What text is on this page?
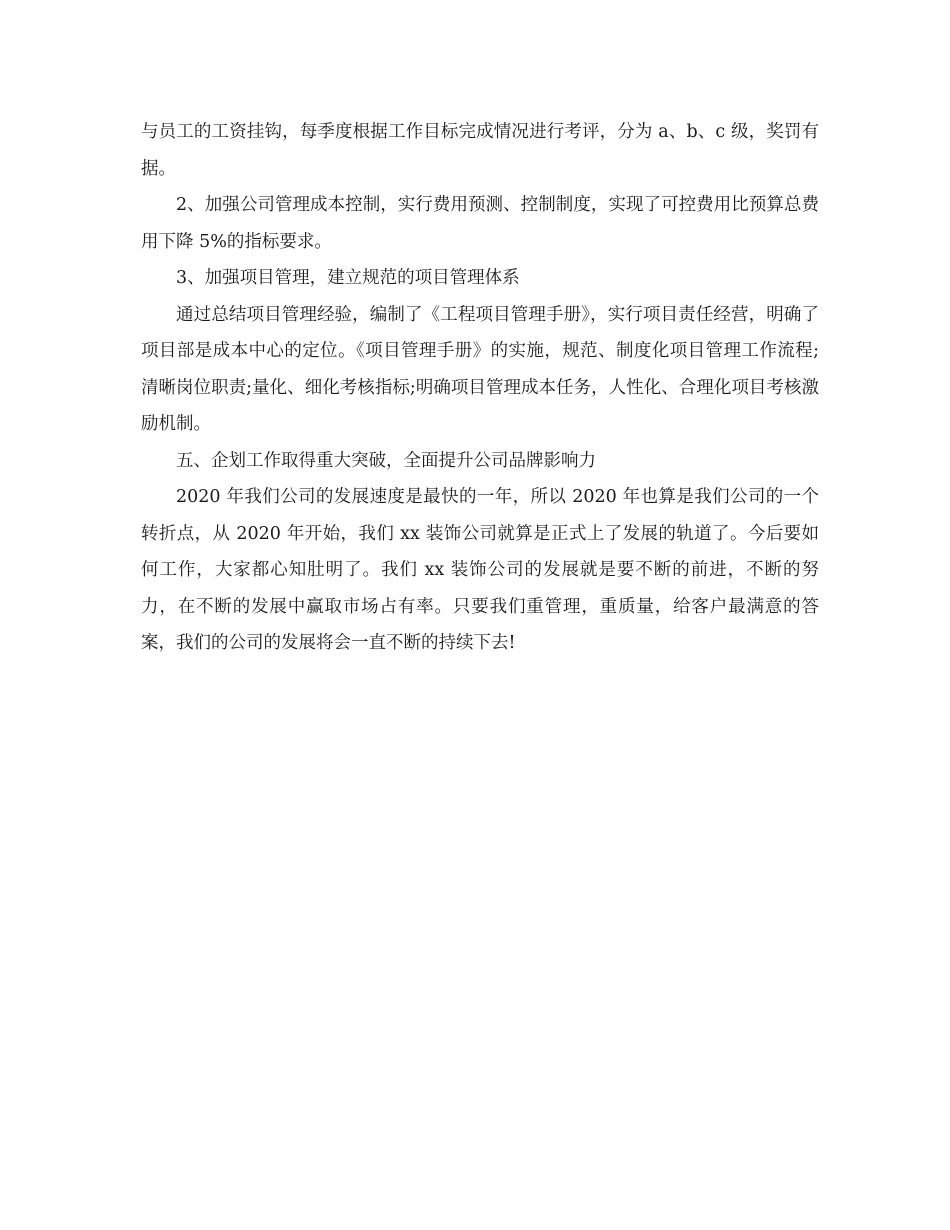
与员工的工资挂钩，每季度根据工作目标完成情况进行考评，分为 a、b、c 级，奖罚有据。

2、加强公司管理成本控制，实行费用预测、控制制度，实现了可控费用比预算总费用下降 5%的指标要求。

3、加强项目管理，建立规范的项目管理体系

通过总结项目管理经验，编制了《工程项目管理手册》，实行项目责任经营，明确了项目部是成本中心的定位。《项目管理手册》的实施，规范、制度化项目管理工作流程;清晰岗位职责;量化、细化考核指标;明确项目管理成本任务，人性化、合理化项目考核激励机制。

五、企划工作取得重大突破，全面提升公司品牌影响力

2020 年我们公司的发展速度是最快的一年，所以 2020 年也算是我们公司的一个转折点，从 2020 年开始，我们 xx 装饰公司就算是正式上了发展的轨道了。今后要如何工作，大家都心知肚明了。我们 xx 装饰公司的发展就是要不断的前进，不断的努力，在不断的发展中赢取市场占有率。只要我们重管理，重质量，给客户最满意的答案，我们的公司的发展将会一直不断的持续下去!
